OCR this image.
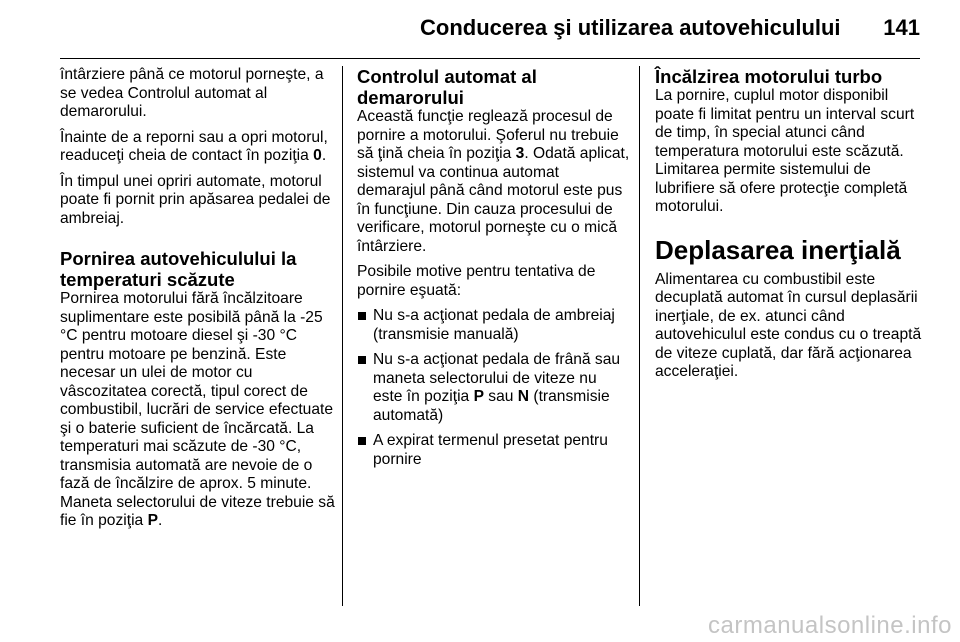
Conducerea şi utilizarea autovehiculului 141

întârziere până ce motorul porneşte, a se vedea Controlul automat al demarorului.

Înainte de a reporni sau a opri motorul, readuceţi cheia de contact în poziţia 0.

În timpul unei opriri automate, motorul poate fi pornit prin apăsarea pedalei de ambreiaj.

Pornirea autovehiculului la temperaturi scăzute

Pornirea motorului fără încălzitoare suplimentare este posibilă până la -25 °C pentru motoare diesel şi -30 °C pentru motoare pe benzină. Este necesar un ulei de motor cu vâscozitatea corectă, tipul corect de combustibil, lucrări de service efectuate şi o baterie suficient de încărcată. La temperaturi mai scăzute de -30 °C, transmisia automată are nevoie de o fază de încălzire de aprox. 5 minute. Maneta selectorului de viteze trebuie să fie în poziţia P.

Controlul automat al demarorului

Această funcţie reglează procesul de pornire a motorului. Şoferul nu trebuie să ţină cheia în poziţia 3. Odată aplicat, sistemul va continua automat demarajul până când motorul este pus în funcţiune. Din cauza procesului de verificare, motorul porneşte cu o mică întârziere.

Posibile motive pentru tentativa de pornire eşuată:

Nu s-a acţionat pedala de ambreiaj (transmisie manuală)
Nu s-a acţionat pedala de frână sau maneta selectorului de viteze nu este în poziţia P sau N (transmisie automată)
A expirat termenul presetat pentru pornire
Încălzirea motorului turbo

La pornire, cuplul motor disponibil poate fi limitat pentru un interval scurt de timp, în special atunci când temperatura motorului este scăzută. Limitarea permite sistemului de lubrifiere să ofere protecţie completă motorului.

Deplasarea inerţială

Alimentarea cu combustibil este decuplată automat în cursul deplasării inerţiale, de ex. atunci când autovehiculul este condus cu o treaptă de viteze cuplată, dar fără acţionarea acceleraţiei.

carmanualsonline.info
